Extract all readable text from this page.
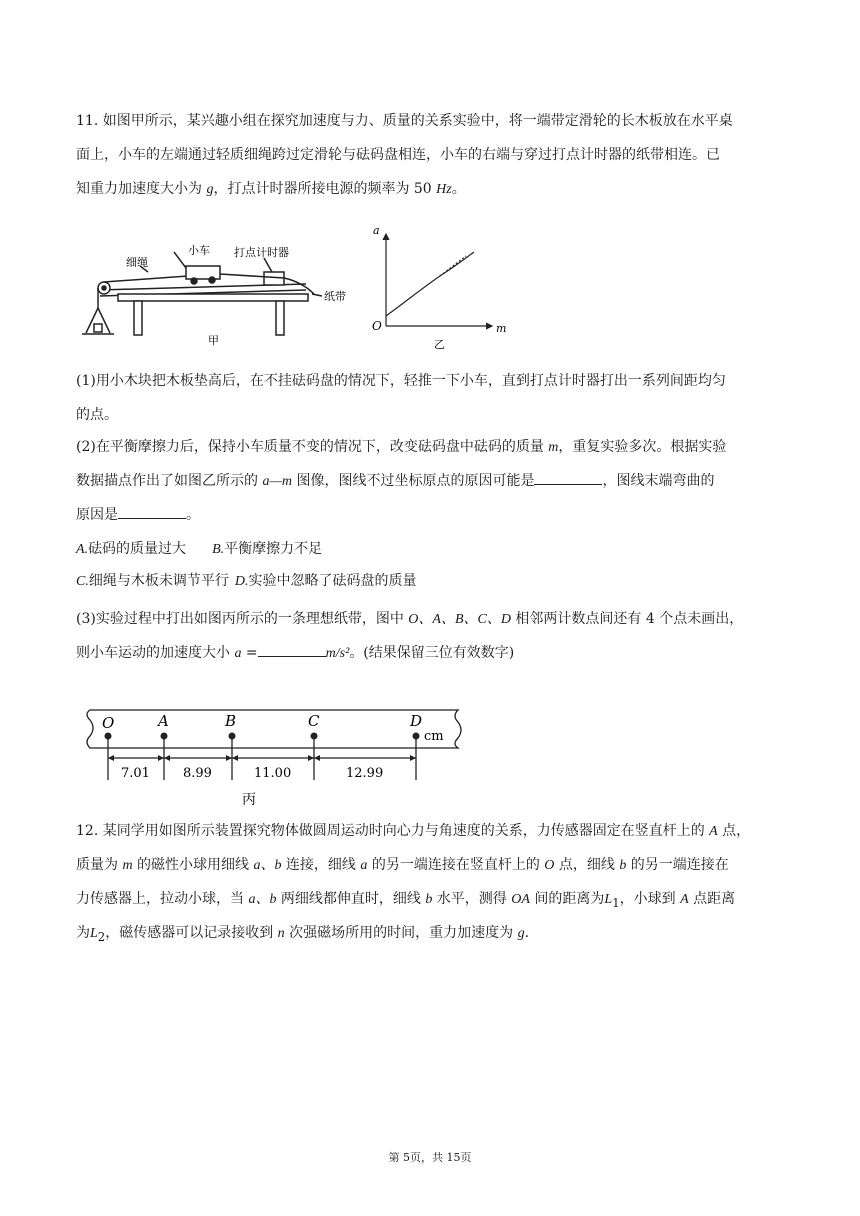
11. 如图甲所示，某兴趣小组在探究加速度与力、质量的关系实验中，将一端带定滑轮的长木板放在水平桌

面上，小车的左端通过轻质细绳跨过定滑轮与砝码盘相连，小车的右端与穿过打点计时器的纸带相连。已

知重力加速度大小为 g，打点计时器所接电源的频率为 50 Hz。

细绳
小车 打点计时器
纸带
甲
a
m
O
乙

(1)用小木块把木板垫高后，在不挂砝码盘的情况下，轻推一下小车，直到打点计时器打出一系列间距均匀

的点。

(2)在平衡摩擦力后，保持小车质量不变的情况下，改变砝码盘中砝码的质量 m，重复实验多次。根据实验

数据描点作出了如图乙所示的 a—m 图像，图线不过坐标原点的原因可能是	，图线末端弯曲的

原因是	。

A.砝码的质量过大 B.平衡摩擦力不足

C.细绳与木板未调节平行 D.实验中忽略了砝码盘的质量

(3)实验过程中打出如图丙所示的一条理想纸带，图中 O、A、B、C、D 相邻两计数点间还有 4 个点未画出，

则小车运动的加速度大小 a =	m/s²。(结果保留三位有效数字)

O	A	B	C	D
cm
7.01	8.99	11.00	12.99
丙

12. 某同学用如图所示装置探究物体做圆周运动时向心力与角速度的关系，力传感器固定在竖直杆上的 A 点，

质量为 m 的磁性小球用细线 a、b 连接，细线 a 的另一端连接在竖直杆上的 O 点，细线 b 的另一端连接在

力传感器上，拉动小球，当 a、b 两细线都伸直时，细线 b 水平，测得 OA 间的距离为$L_1$，小球到 A 点距离

为$L_2$，磁传感器可以记录接收到 n 次强磁场所用的时间，重力加速度为 g.

第 5页，共 15页
